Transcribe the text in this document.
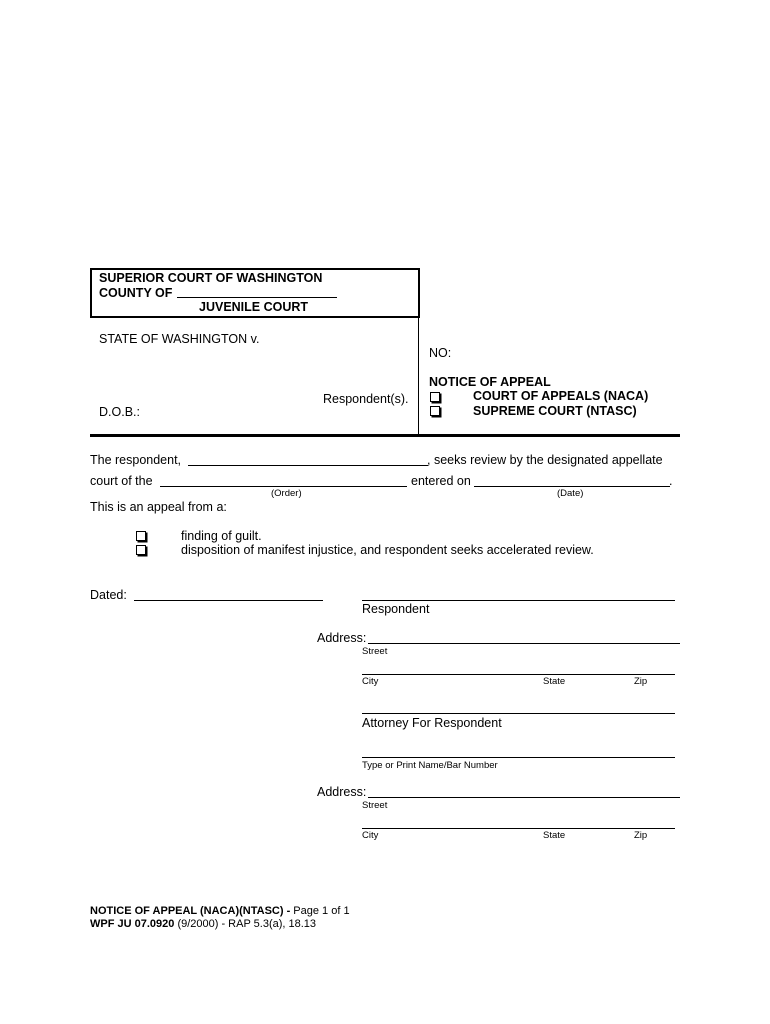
SUPERIOR COURT OF WASHINGTON
COUNTY OF
JUVENILE COURT
STATE OF WASHINGTON v.
Respondent(s).
D.O.B.:
NO:
NOTICE OF APPEAL
COURT OF APPEALS (NACA)
SUPREME COURT (NTASC)
The respondent,	, seeks review by the designated appellate
court of the	entered on	.
(Order)	(Date)
This is an appeal from a:
finding of guilt.
disposition of manifest injustice, and respondent seeks accelerated review.
Dated:
Respondent
Address:
Street
City	State	Zip
Attorney For Respondent
Type or Print Name/Bar Number
Address:
Street
City	State	Zip
NOTICE OF APPEAL (NACA)(NTASC) - Page 1 of 1
WPF JU 07.0920 (9/2000) - RAP 5.3(a), 18.13
